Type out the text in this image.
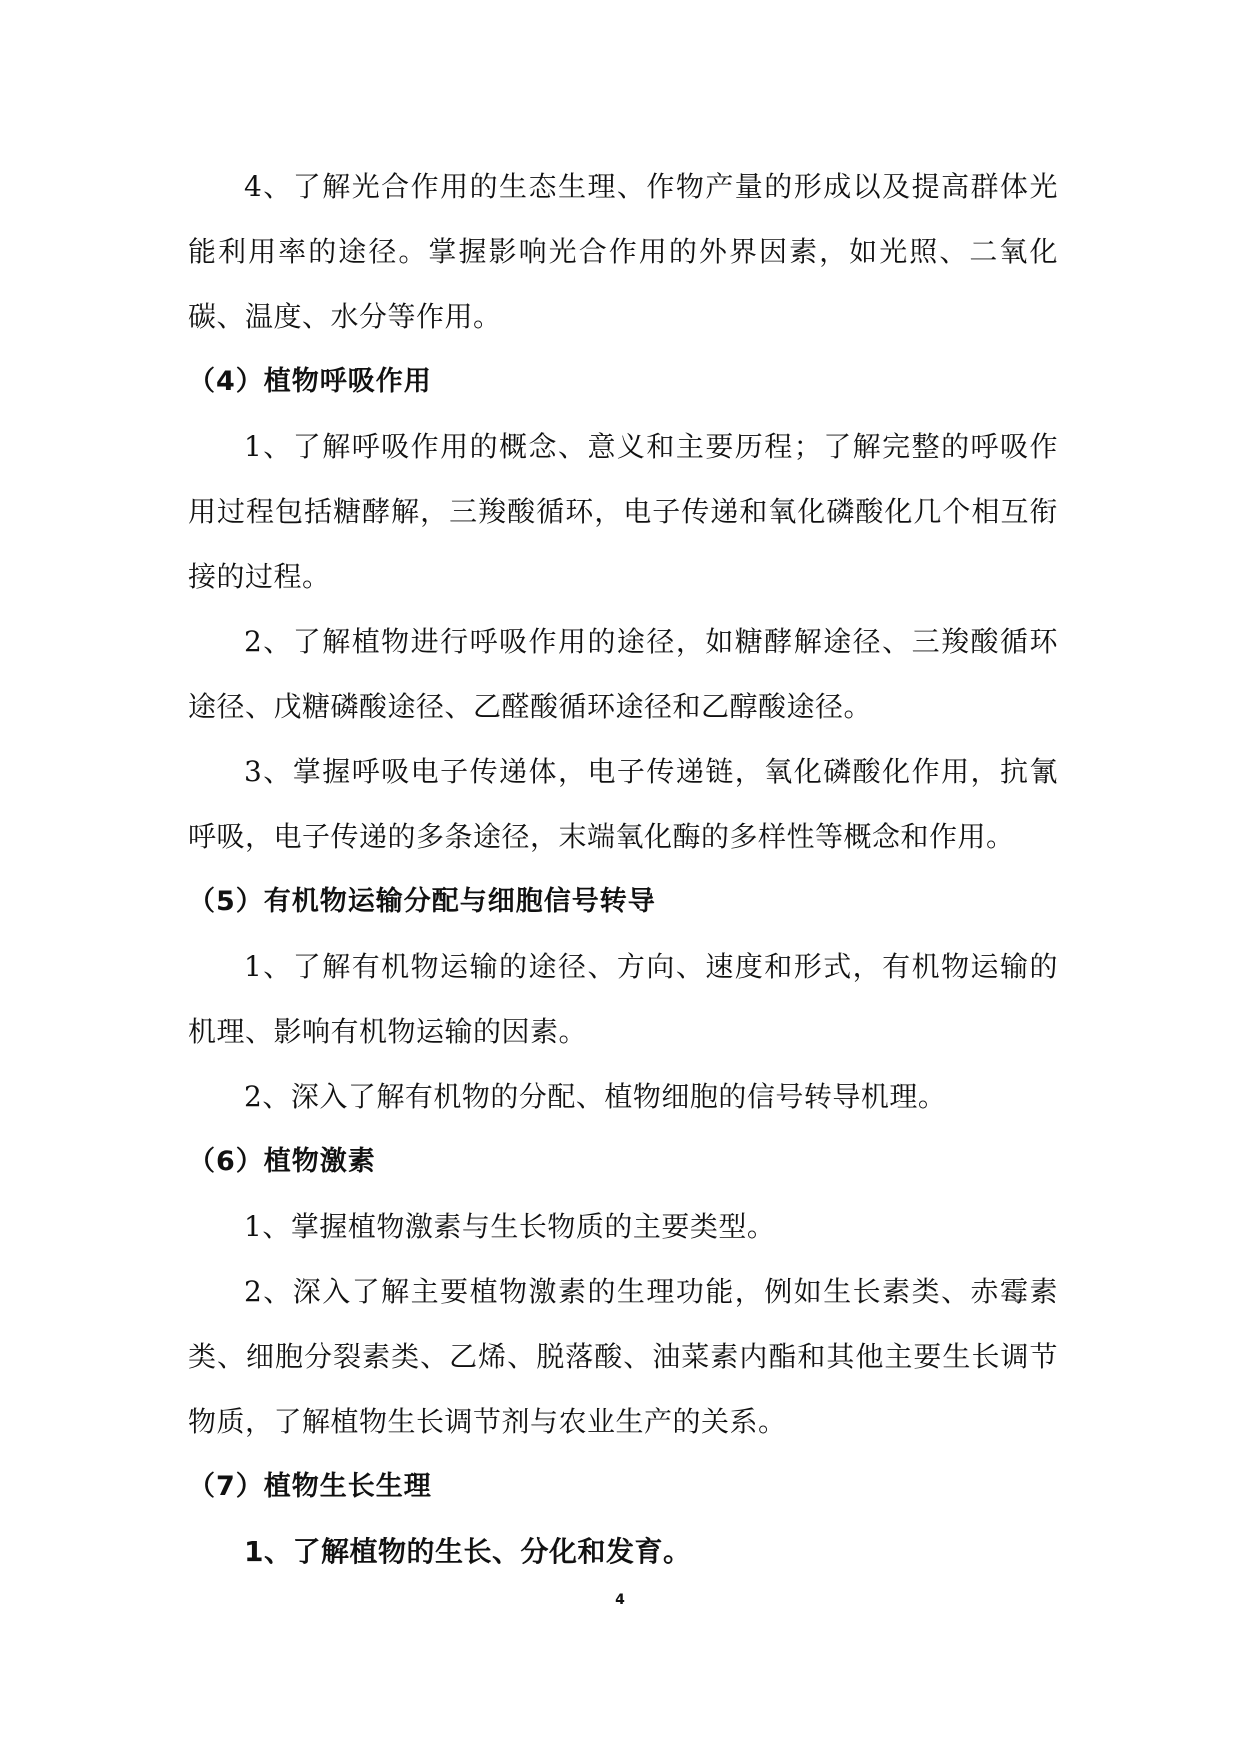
4、了解光合作用的生态生理、作物产量的形成以及提高群体光能利用率的途径。掌握影响光合作用的外界因素，如光照、二氧化碳、温度、水分等作用。

（4）植物呼吸作用

1、了解呼吸作用的概念、意义和主要历程；了解完整的呼吸作用过程包括糖酵解，三羧酸循环，电子传递和氧化磷酸化几个相互衔接的过程。

2、了解植物进行呼吸作用的途径，如糖酵解途径、三羧酸循环途径、戊糖磷酸途径、乙醛酸循环途径和乙醇酸途径。

3、掌握呼吸电子传递体，电子传递链，氧化磷酸化作用，抗氰呼吸，电子传递的多条途径，末端氧化酶的多样性等概念和作用。

（5）有机物运输分配与细胞信号转导

1、了解有机物运输的途径、方向、速度和形式，有机物运输的机理、影响有机物运输的因素。

2、深入了解有机物的分配、植物细胞的信号转导机理。

（6）植物激素

1、掌握植物激素与生长物质的主要类型。

2、深入了解主要植物激素的生理功能，例如生长素类、赤霉素类、细胞分裂素类、乙烯、脱落酸、油菜素内酯和其他主要生长调节物质，了解植物生长调节剂与农业生产的关系。

（7）植物生长生理

1、了解植物的生长、分化和发育。

4
